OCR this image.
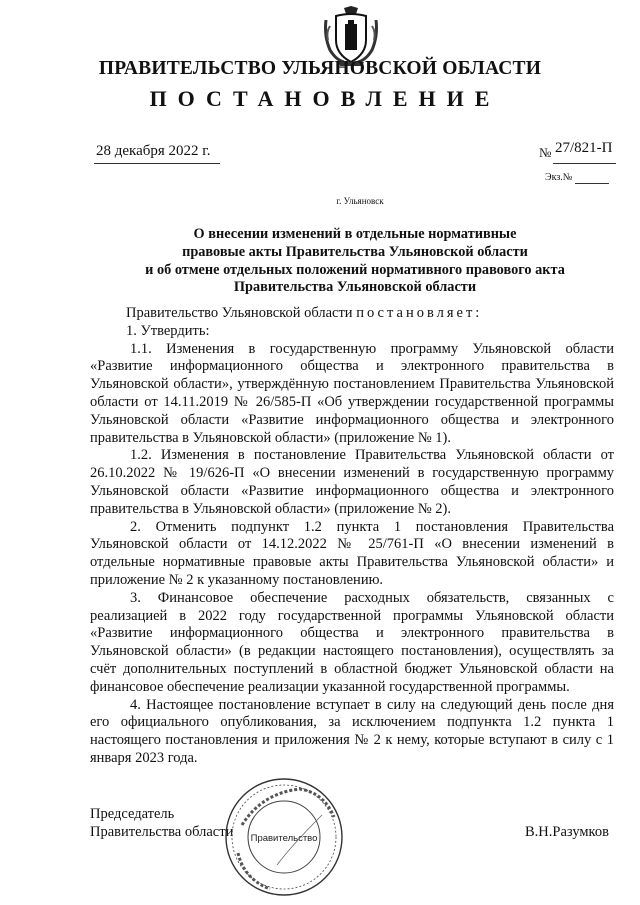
ПРАВИТЕЛЬСТВО УЛЬЯНОВСКОЙ ОБЛАСТИ
ПОСТАНОВЛЕНИЕ
28 декабря 2022 г.	№ 27/821-П
Экз.№
г. Ульяновск
О внесении изменений в отдельные нормативные
правовые акты Правительства Ульяновской области
и об отмене отдельных положений нормативного правового акта
Правительства Ульяновской области

Правительство Ульяновской области постановляет:

1. Утвердить:

1.1. Изменения в государственную программу Ульяновской области «Развитие информационного общества и электронного правительства в Ульяновской области», утверждённую постановлением Правительства Ульяновской области от 14.11.2019 № 26/585-П «Об утверждении государственной программы Ульяновской области «Развитие информационного общества и электронного правительства в Ульяновской области» (приложение № 1).

1.2. Изменения в постановление Правительства Ульяновской области от 26.10.2022 № 19/626-П «О внесении изменений в государственную программу Ульяновской области «Развитие информационного общества и электронного правительства в Ульяновской области» (приложение № 2).

2. Отменить подпункт 1.2 пункта 1 постановления Правительства Ульяновской области от 14.12.2022 № 25/761-П «О внесении изменений в отдельные нормативные правовые акты Правительства Ульяновской области» и приложение № 2 к указанному постановлению.

3. Финансовое обеспечение расходных обязательств, связанных с реализацией в 2022 году государственной программы Ульяновской области «Развитие информационного общества и электронного правительства в Ульяновской области» (в редакции настоящего постановления), осуществлять за счёт дополнительных поступлений в областной бюджет Ульяновской области на финансовое обеспечение реализации указанной государственной программы.

4. Настоящее постановление вступает в силу на следующий день после дня его официального опубликования, за исключением подпункта 1.2 пункта 1 настоящего постановления и приложения № 2 к нему, которые вступают в силу с 1 января 2023 года.

Председатель
Правительства области Правительство	В.Н.Разумков
